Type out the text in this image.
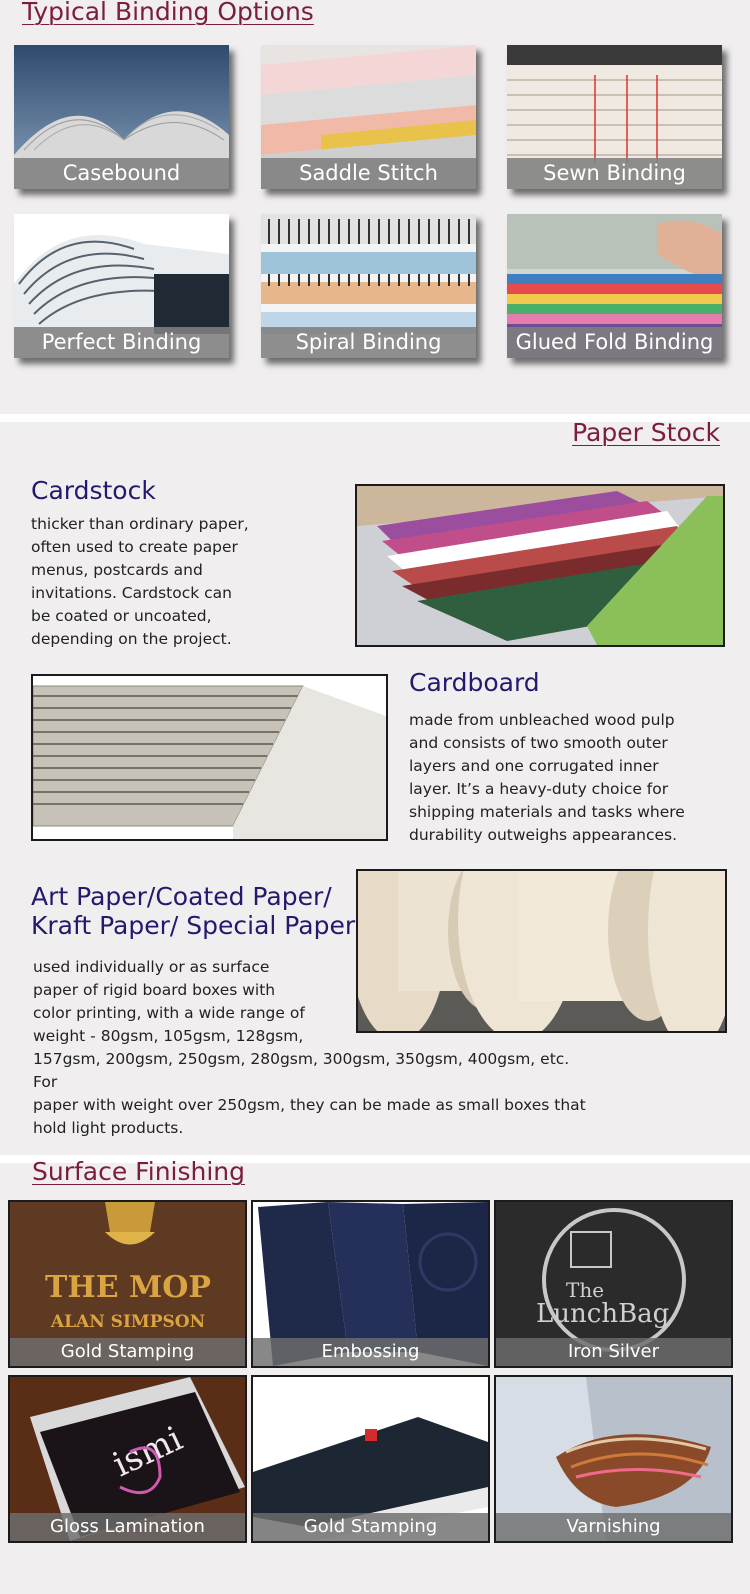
Typical Binding Options
Casebound	Saddle Stitch	Sewn Binding
Perfect Binding	Spiral Binding	Glued Fold Binding
Paper Stock
Cardstock
thicker than ordinary paper,
often used to create paper
menus, postcards and
invitations. Cardstock can
be coated or uncoated,
depending on the project.
Cardboard
made from unbleached wood pulp
and consists of two smooth outer
layers and one corrugated inner
layer. It’s a heavy-duty choice for
shipping materials and tasks where
durability outweighs appearances.
Art Paper/Coated Paper/
Kraft Paper/ Special Paper
used individually or as surface
paper of rigid board boxes with
color printing, with a wide range of
weight - 80gsm, 105gsm, 128gsm,
157gsm, 200gsm, 250gsm, 280gsm, 300gsm, 350gsm, 400gsm, etc. For
paper with weight over 250gsm, they can be made as small boxes that
hold light products.
Surface Finishing
THE MOP
ALAN SIMPSON
Gold Stamping	Embossing
The
LunchBag
Iron Silver
ismi
Gloss Lamination	Gold Stamping	Varnishing
